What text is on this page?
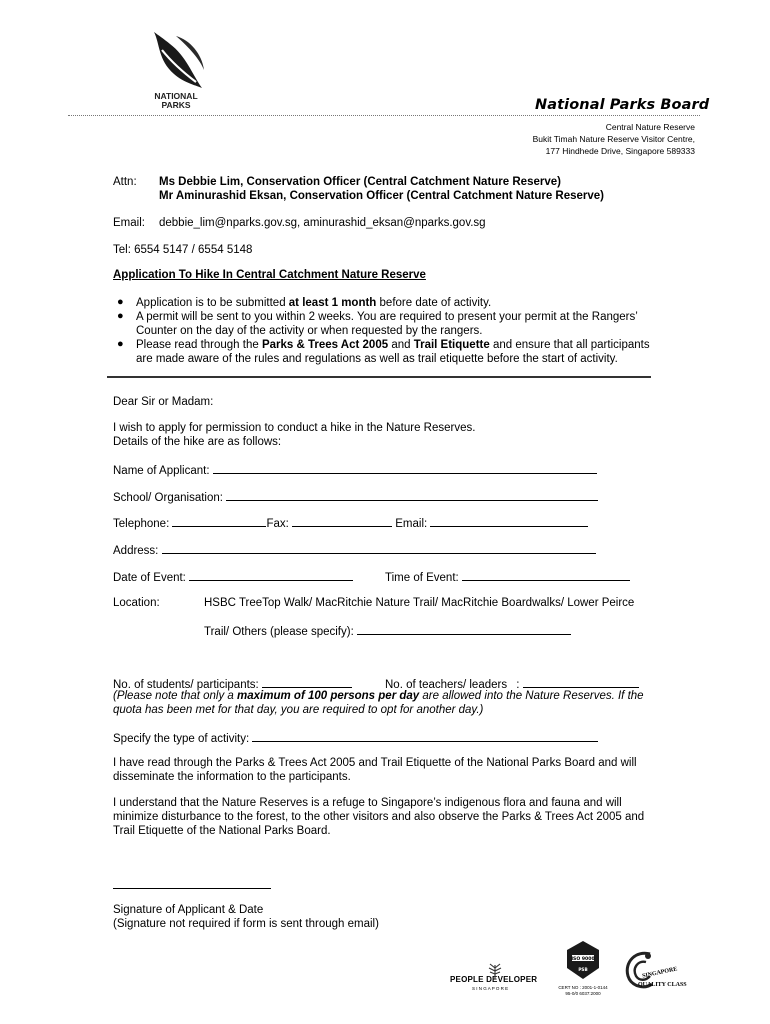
NATIONAL
PARKS	National Parks Board
Central Nature Reserve
Bukit Timah Nature Reserve Visitor Centre,
177 Hindhede Drive, Singapore 589333
Attn: Ms Debbie Lim, Conservation Officer (Central Catchment Nature Reserve)
Mr Aminurashid Eksan, Conservation Officer (Central Catchment Nature Reserve)
Email: debbie_lim@nparks.gov.sg, aminurashid_eksan@nparks.gov.sg
Tel: 6554 5147 / 6554 5148
Application To Hike In Central Catchment Nature Reserve
● Application is to be submitted at least 1 month before date of activity.
● A permit will be sent to you within 2 weeks. You are required to present your permit at the Rangers’
Counter on the day of the activity or when requested by the rangers.
● Please read through the Parks & Trees Act 2005 and Trail Etiquette and ensure that all participants
are made aware of the rules and regulations as well as trail etiquette before the start of activity.
Dear Sir or Madam:
I wish to apply for permission to conduct a hike in the Nature Reserves.
Details of the hike are as follows:
Name of Applicant:
School/ Organisation:
Telephone:	Fax:	Email:
Address:
Date of Event:	Time of Event:
Location:	HSBC TreeTop Walk/ MacRitchie Nature Trail/ MacRitchie Boardwalks/ Lower Peirce
Trail/ Others (please specify):
No. of students/ participants:	No. of teachers/ leaders :
(Please note that only a maximum of 100 persons per day are allowed into the Nature Reserves. If the
quota has been met for that day, you are required to opt for another day.)
Specify the type of activity:
I have read through the Parks & Trees Act 2005 and Trail Etiquette of the National Parks Board and will
disseminate the information to the participants.
I understand that the Nature Reserves is a refuge to Singapore’s indigenous flora and fauna and will
minimize disturbance to the forest, to the other visitors and also observe the Parks & Trees Act 2005 and
Trail Etiquette of the National Parks Board.
Signature of Applicant & Date
(Signature not required if form is sent through email)
PEOPLE DEVELOPER
S I N G A P O R E
ISO 9000
PSB
CERT NO : 2001-1-0144
95-0/0 6037:2000
SINGAPORE
QUALITY CLASS
